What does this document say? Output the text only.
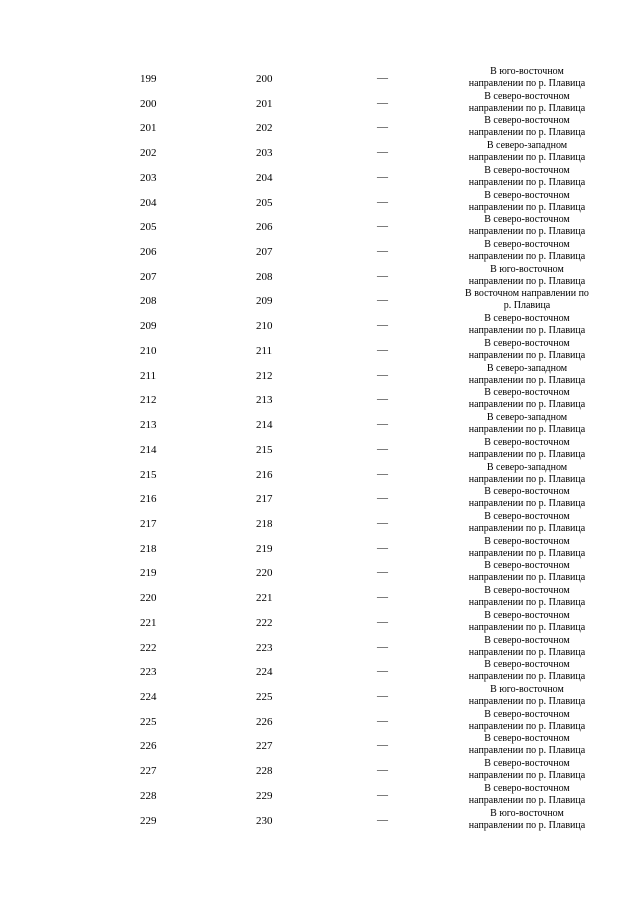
199	200	—
В юго-восточном
направлении по р. Плавица
200	201	—
В северо-восточном
направлении по р. Плавица
201	202	—
В северо-восточном
направлении по р. Плавица
202	203	—
В северо-западном
направлении по р. Плавица
203	204	—
В северо-восточном
направлении по р. Плавица
204	205	—
В северо-восточном
направлении по р. Плавица
205	206	—
В северо-восточном
направлении по р. Плавица
206	207	—
В северо-восточном
направлении по р. Плавица
207	208	—
В юго-восточном
направлении по р. Плавица
208	209	—
В восточном направлении по
р. Плавица
209	210	—
В северо-восточном
направлении по р. Плавица
210	211	—
В северо-восточном
направлении по р. Плавица
211	212	—
В северо-западном
направлении по р. Плавица
212	213	—
В северо-восточном
направлении по р. Плавица
213	214	—
В северо-западном
направлении по р. Плавица
214	215	—
В северо-восточном
направлении по р. Плавица
215	216	—
В северо-западном
направлении по р. Плавица
216	217	—
В северо-восточном
направлении по р. Плавица
217	218	—
В северо-восточном
направлении по р. Плавица
218	219	—
В северо-восточном
направлении по р. Плавица
219	220	—
В северо-восточном
направлении по р. Плавица
220	221	—
В северо-восточном
направлении по р. Плавица
221	222	—
В северо-восточном
направлении по р. Плавица
222	223	—
В северо-восточном
направлении по р. Плавица
223	224	—
В северо-восточном
направлении по р. Плавица
224	225	—
В юго-восточном
направлении по р. Плавица
225	226	—
В северо-восточном
направлении по р. Плавица
226	227	—
В северо-восточном
направлении по р. Плавица
227	228	—
В северо-восточном
направлении по р. Плавица
228	229	—
В северо-восточном
направлении по р. Плавица
229	230	—
В юго-восточном
направлении по р. Плавица
